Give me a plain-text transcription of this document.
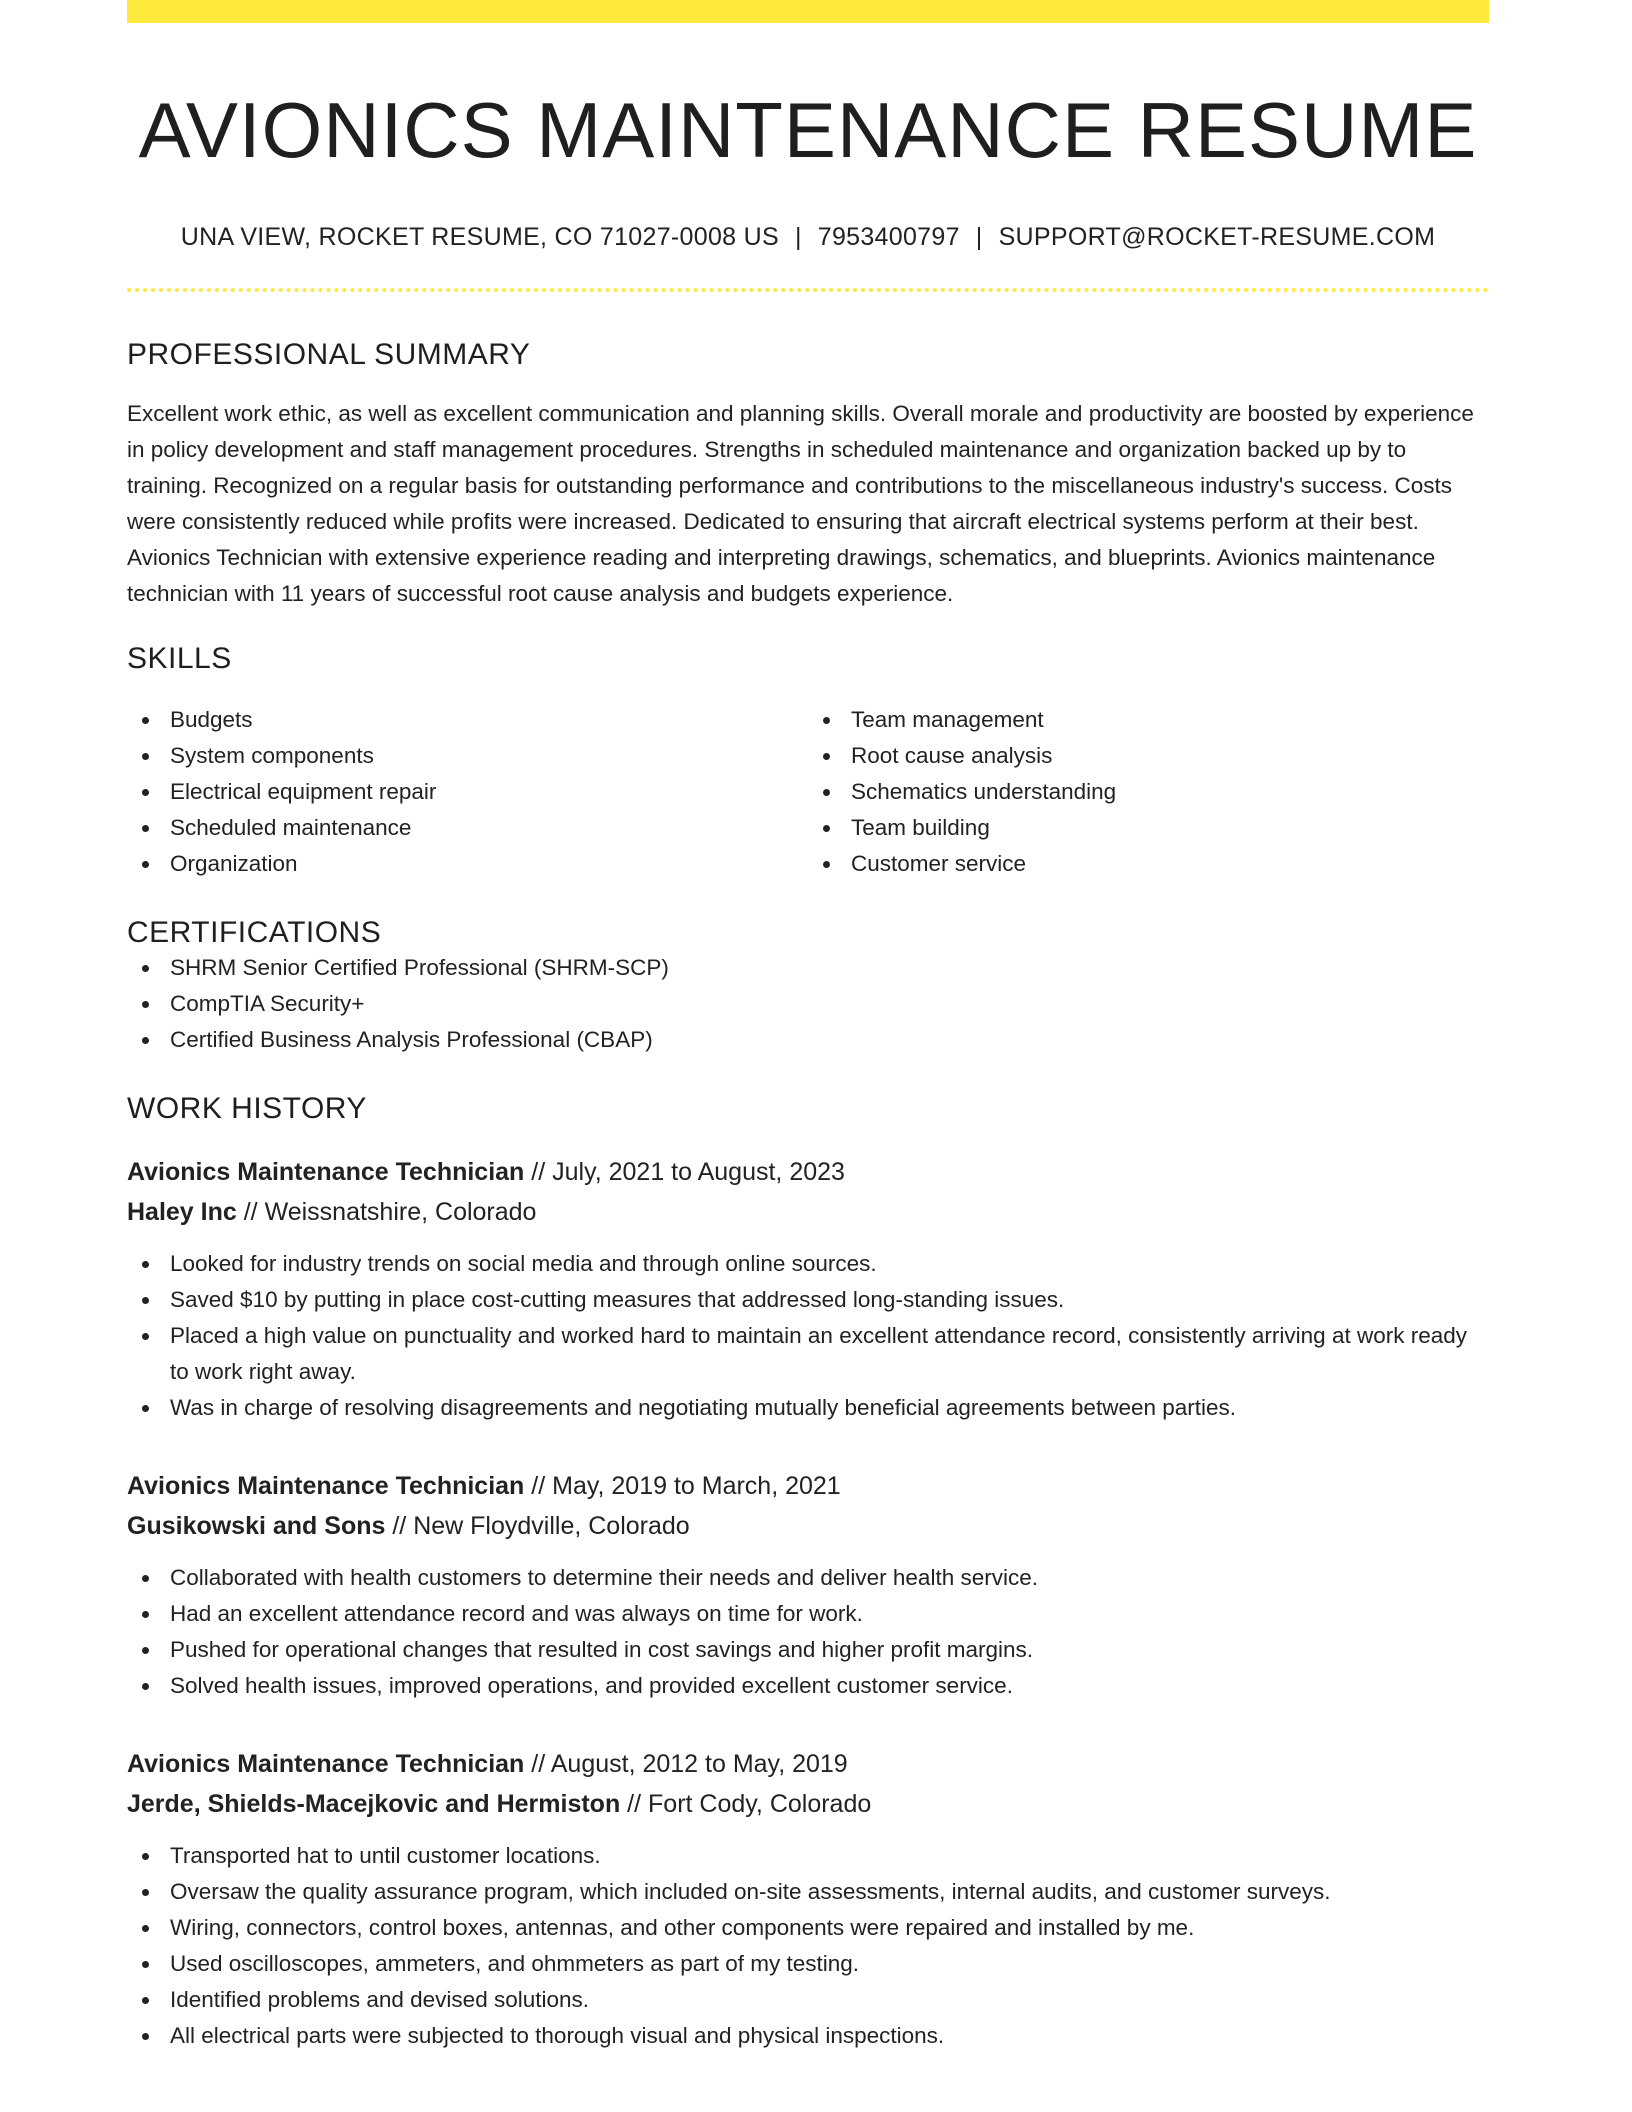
AVIONICS MAINTENANCE RESUME
UNA VIEW, ROCKET RESUME, CO 71027-0008 US | 7953400797 | SUPPORT@ROCKET-RESUME.COM
PROFESSIONAL SUMMARY
Excellent work ethic, as well as excellent communication and planning skills. Overall morale and productivity are boosted by experience in policy development and staff management procedures. Strengths in scheduled maintenance and organization backed up by to training. Recognized on a regular basis for outstanding performance and contributions to the miscellaneous industry's success. Costs were consistently reduced while profits were increased. Dedicated to ensuring that aircraft electrical systems perform at their best. Avionics Technician with extensive experience reading and interpreting drawings, schematics, and blueprints. Avionics maintenance technician with 11 years of successful root cause analysis and budgets experience.
SKILLS
Budgets
System components
Electrical equipment repair
Scheduled maintenance
Organization
Team management
Root cause analysis
Schematics understanding
Team building
Customer service
CERTIFICATIONS
SHRM Senior Certified Professional (SHRM-SCP)
CompTIA Security+
Certified Business Analysis Professional (CBAP)
WORK HISTORY
Avionics Maintenance Technician // July, 2021 to August, 2023
Haley Inc // Weissnatshire, Colorado
Looked for industry trends on social media and through online sources.
Saved $10 by putting in place cost-cutting measures that addressed long-standing issues.
Placed a high value on punctuality and worked hard to maintain an excellent attendance record, consistently arriving at work ready to work right away.
Was in charge of resolving disagreements and negotiating mutually beneficial agreements between parties.
Avionics Maintenance Technician // May, 2019 to March, 2021
Gusikowski and Sons // New Floydville, Colorado
Collaborated with health customers to determine their needs and deliver health service.
Had an excellent attendance record and was always on time for work.
Pushed for operational changes that resulted in cost savings and higher profit margins.
Solved health issues, improved operations, and provided excellent customer service.
Avionics Maintenance Technician // August, 2012 to May, 2019
Jerde, Shields-Macejkovic and Hermiston // Fort Cody, Colorado
Transported hat to until customer locations.
Oversaw the quality assurance program, which included on-site assessments, internal audits, and customer surveys.
Wiring, connectors, control boxes, antennas, and other components were repaired and installed by me.
Used oscilloscopes, ammeters, and ohmmeters as part of my testing.
Identified problems and devised solutions.
All electrical parts were subjected to thorough visual and physical inspections.
